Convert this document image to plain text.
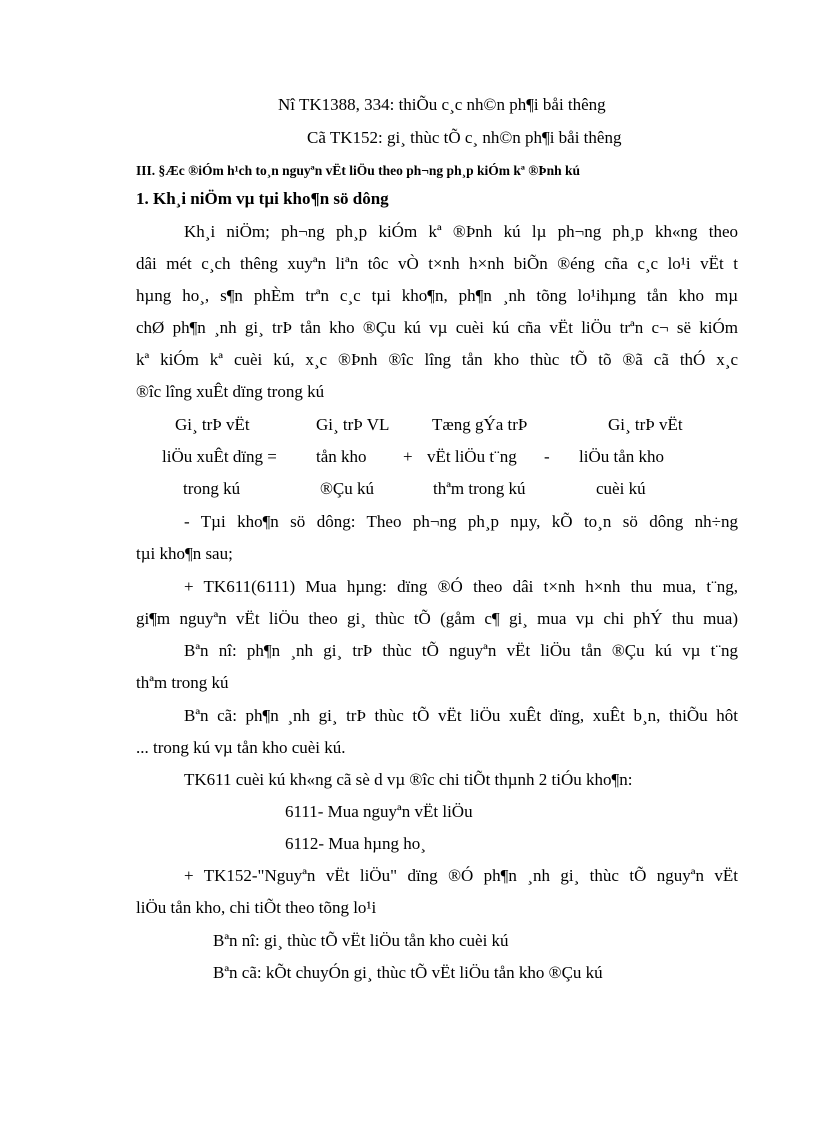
Nî TK1388, 334: thiÕu c¸c nh©n ph¶i båi thêng
Cã TK152: gi¸ thùc tÕ c¸ nh©n ph¶i båi thêng
III. §Æc ®iÓm h¹ch to¸n nguyªn vËt liÖu theo ph¬ng ph¸p kiÓm kª ®Þnh kú
1. Kh¸i niÖm vµ tµi kho¶n sö dông
Kh¸i niÖm; ph¬ng ph¸p kiÓm kª ®Þnh kú lµ ph¬ng ph¸p kh«ng theo
dâi mét c¸ch thêng xuyªn liªn tôc vÒ t×nh h×nh biÕn ®éng cña c¸c lo¹i vËt t
hµng ho¸, s¶n phÈm trªn c¸c tµi kho¶n, ph¶n ¸nh tõng lo¹ihµng tån kho mµ
chØ ph¶n ¸nh gi¸ trÞ tån kho ®Çu kú vµ cuèi kú cña vËt liÖu trªn c¬ së kiÓm
kª kiÓm kª cuèi kú, x¸c ®Þnh ®îc lîng tån kho thùc tÕ tõ ®ã cã thÓ x¸c
®îc lîng xuÊt dïng trong kú
Gi¸ trÞ vËt	Gi¸ trÞ VL	Tæng gÝa trÞ	Gi¸ trÞ vËt
liÖu xuÊt dïng = tån kho + vËt liÖu t¨ng - liÖu tån kho
trong kú	®Çu kú	thªm trong kú	cuèi kú
- Tµi kho¶n sö dông: Theo ph¬ng ph¸p nµy, kÕ to¸n sö dông nh÷ng
tµi kho¶n sau;
+ TK611(6111) Mua hµng: dïng ®Ó theo dâi t×nh h×nh thu mua, t¨ng,
gi¶m nguyªn vËt liÖu theo gi¸ thùc tÕ (gåm c¶ gi¸ mua vµ chi phÝ thu mua)
Bªn nî: ph¶n ¸nh gi¸ trÞ thùc tÕ nguyªn vËt liÖu tån ®Çu kú vµ t¨ng
thªm trong kú
Bªn cã: ph¶n ¸nh gi¸ trÞ thùc tÕ vËt liÖu xuÊt dïng, xuÊt b¸n, thiÕu hôt
... trong kú vµ tån kho cuèi kú.
TK611 cuèi kú kh«ng cã sè d vµ ®îc chi tiÕt thµnh 2 tiÓu kho¶n:
6111- Mua nguyªn vËt liÖu
6112- Mua hµng ho¸
+ TK152-"Nguyªn vËt liÖu" dïng ®Ó ph¶n ¸nh gi¸ thùc tÕ nguyªn vËt
liÖu tån kho, chi tiÕt theo tõng lo¹i
Bªn nî: gi¸ thùc tÕ vËt liÖu tån kho cuèi kú
Bªn cã: kÕt chuyÓn gi¸ thùc tÕ vËt liÖu tån kho ®Çu kú
